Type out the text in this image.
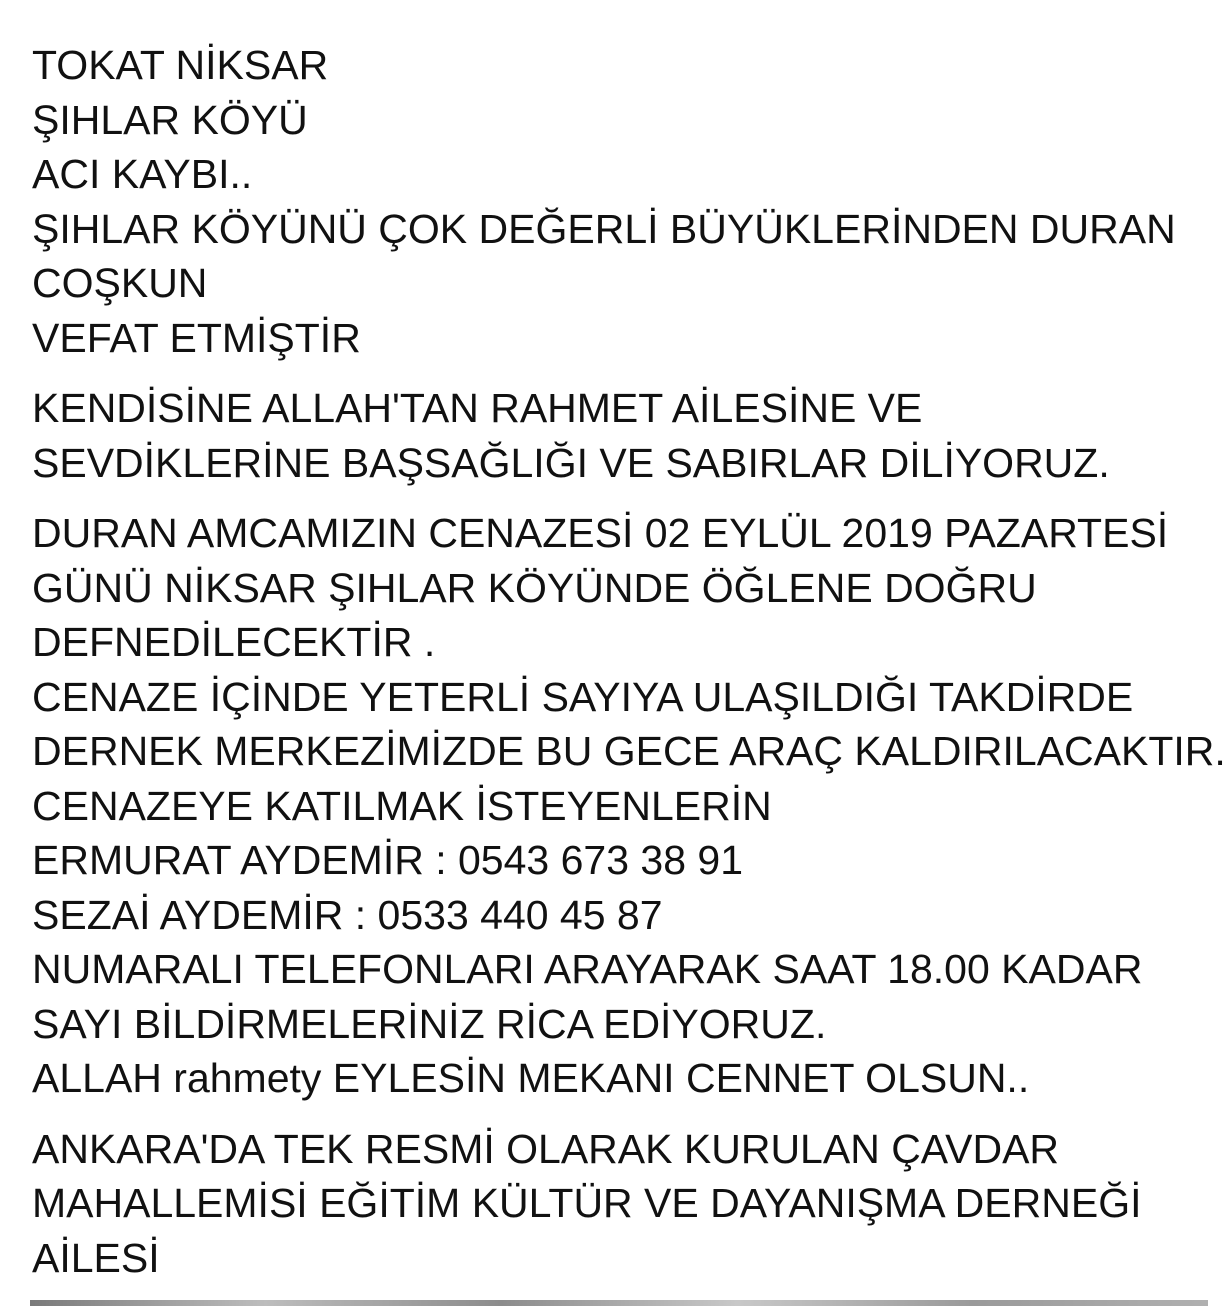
TOKAT NİKSAR
ŞIHLAR KÖYÜ
ACI KAYBI..
ŞIHLAR KÖYÜNÜ ÇOK DEĞERLİ BÜYÜKLERİNDEN DURAN
COŞKUN
VEFAT ETMİŞTİR

KENDİSİNE ALLAH'TAN RAHMET AİLESİNE VE
SEVDİKLERİNE BAŞSAĞLIĞI VE SABIRLAR DİLİYORUZ.

DURAN AMCAMIZIN CENAZESİ 02 EYLÜL 2019 PAZARTESİ
GÜNÜ NİKSAR ŞIHLAR KÖYÜNDE ÖĞLENE DOĞRU
DEFNEDİLECEKTİR .
CENAZE İÇİNDE YETERLİ SAYIYA ULAŞILDIĞI TAKDİRDE
DERNEK MERKEZİMİZDE BU GECE ARAÇ KALDIRILACAKTIR.
CENAZEYE KATILMAK İSTEYENLERİN
ERMURAT AYDEMİR : 0543 673 38 91
SEZAİ AYDEMİR : 0533 440 45 87
NUMARALI TELEFONLARI ARAYARAK SAAT 18.00 KADAR
SAYI BİLDİRMELERİNİZ RİCA EDİYORUZ.
ALLAH rahmety EYLESİN MEKANI CENNET OLSUN..

ANKARA'DA TEK RESMİ OLARAK KURULAN ÇAVDAR
MAHALLEMİSİ EĞİTİM KÜLTÜR VE DAYANIŞMA DERNEĞİ
AİLESİ
